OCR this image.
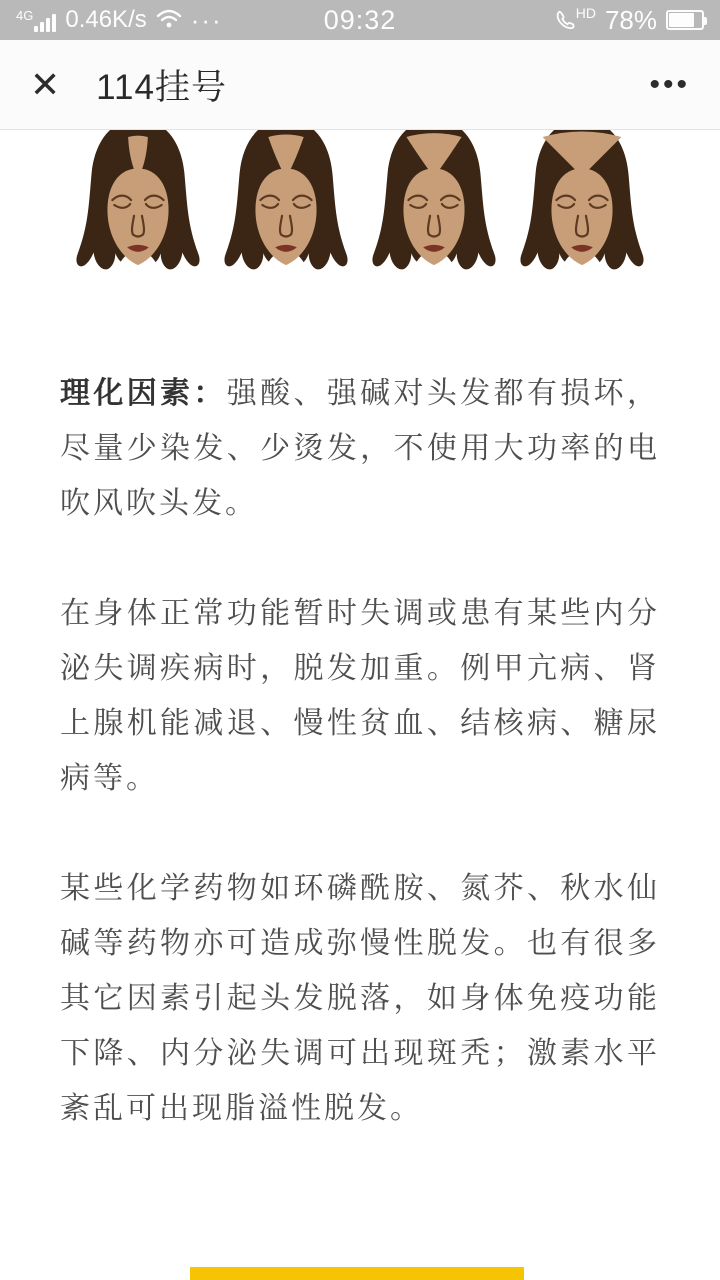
4G 0.46K/s ···	09:32	HD 78%
✕ 114挂号	•••

理化因素：强酸、强碱对头发都有损坏，尽量少染发、少烫发，不使用大功率的电吹风吹头发。

在身体正常功能暂时失调或患有某些内分泌失调疾病时，脱发加重。例甲亢病、肾上腺机能减退、慢性贫血、结核病、糖尿病等。

某些化学药物如环磷酰胺、氮芥、秋水仙碱等药物亦可造成弥慢性脱发。也有很多其它因素引起头发脱落，如身体免疫功能下降、内分泌失调可出现斑秃；激素水平紊乱可出现脂溢性脱发。
